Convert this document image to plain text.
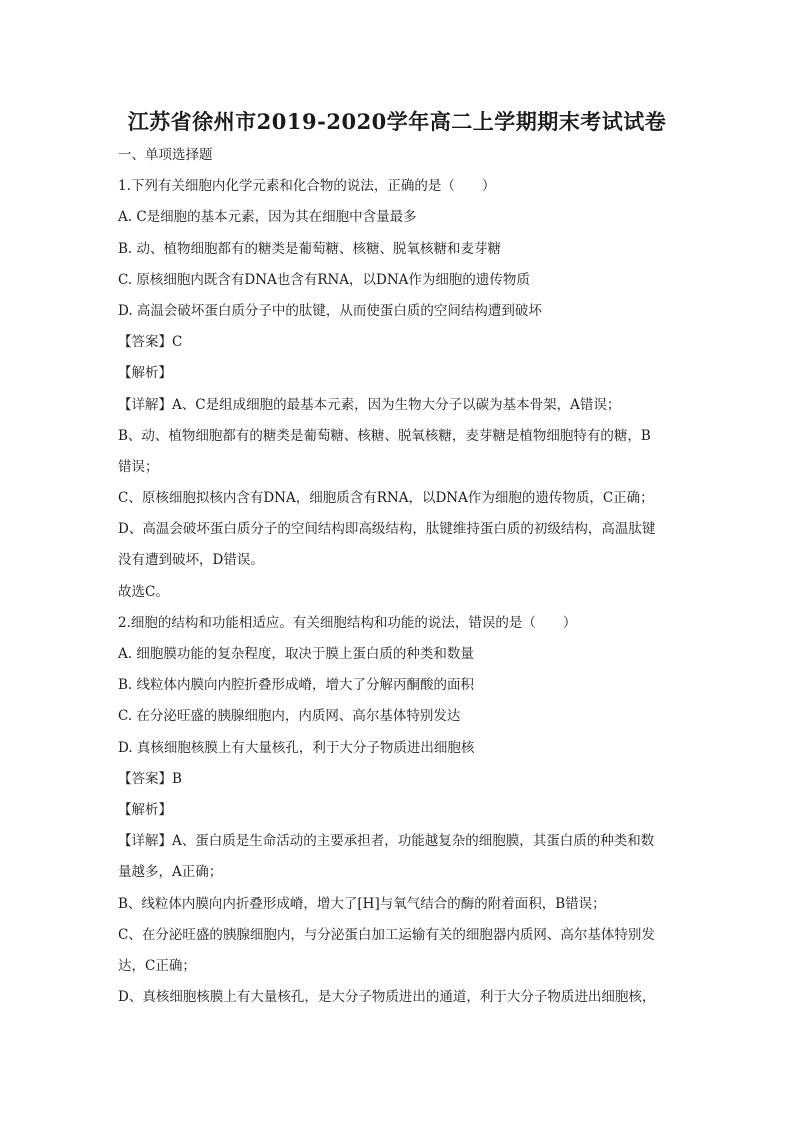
江苏省徐州市2019-2020学年高二上学期期末考试试卷
一、单项选择题
1.下列有关细胞内化学元素和化合物的说法，正确的是（　　）
A. C是细胞的基本元素，因为其在细胞中含量最多
B. 动、植物细胞都有的糖类是葡萄糖、核糖、脱氧核糖和麦芽糖
C. 原核细胞内既含有DNA也含有RNA，以DNA作为细胞的遗传物质
D. 高温会破坏蛋白质分子中的肽键，从而使蛋白质的空间结构遭到破坏
【答案】C
【解析】
【详解】A、C是组成细胞的最基本元素，因为生物大分子以碳为基本骨架，A错误；
B、动、植物细胞都有的糖类是葡萄糖、核糖、脱氧核糖，麦芽糖是植物细胞特有的糖，B
错误；
C、原核细胞拟核内含有DNA，细胞质含有RNA，以DNA作为细胞的遗传物质，C正确；
D、高温会破坏蛋白质分子的空间结构即高级结构，肽键维持蛋白质的初级结构，高温肽键
没有遭到破坏，D错误。
故选C。
2.细胞的结构和功能相适应。有关细胞结构和功能的说法，错误的是（　　）
A. 细胞膜功能的复杂程度，取决于膜上蛋白质的种类和数量
B. 线粒体内膜向内腔折叠形成嵴，增大了分解丙酮酸的面积
C. 在分泌旺盛的胰腺细胞内，内质网、高尔基体特别发达
D. 真核细胞核膜上有大量核孔，利于大分子物质进出细胞核
【答案】B
【解析】
【详解】A、蛋白质是生命活动的主要承担者，功能越复杂的细胞膜，其蛋白质的种类和数
量越多，A正确；
B、线粒体内膜向内折叠形成嵴，增大了[H]与氧气结合的酶的附着面积，B错误；
C、在分泌旺盛的胰腺细胞内，与分泌蛋白加工运输有关的细胞器内质网、高尔基体特别发
达，C正确；
D、真核细胞核膜上有大量核孔，是大分子物质进出的通道，利于大分子物质进出细胞核，
